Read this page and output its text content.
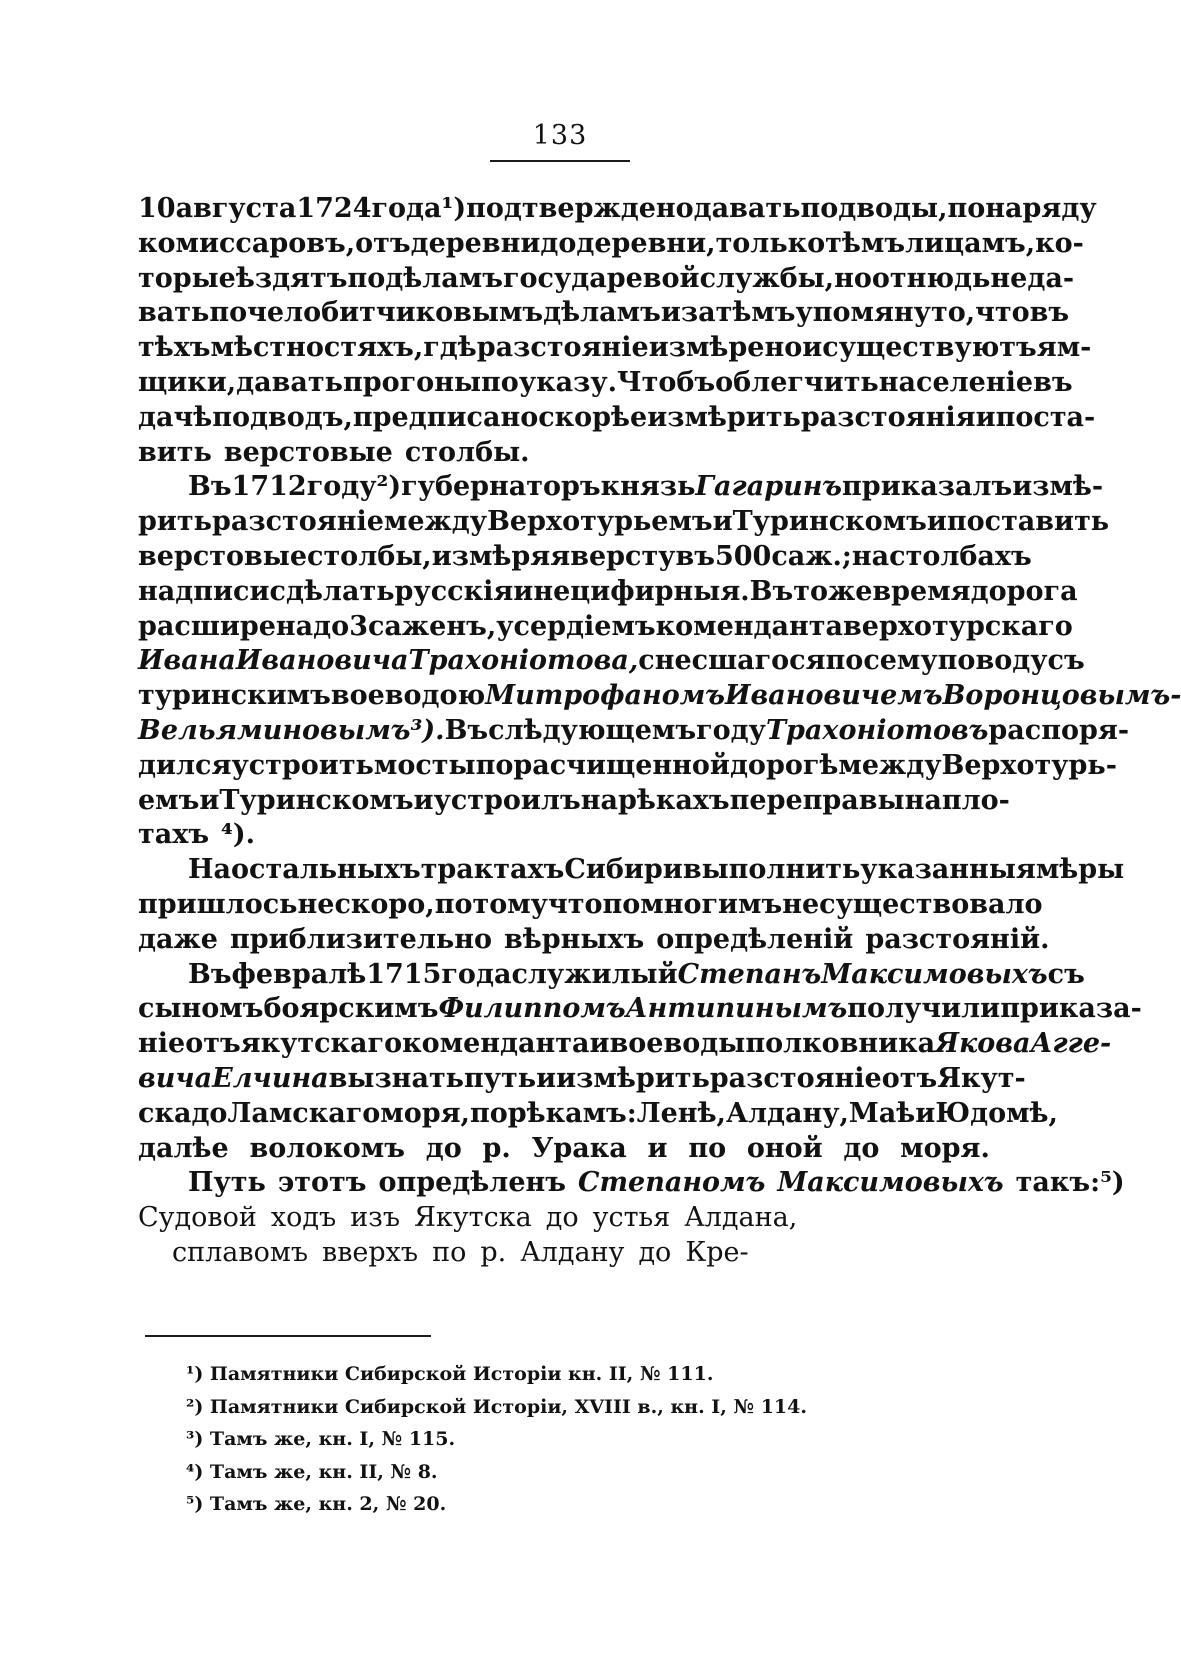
133
10 августа 1724 года¹) подтверждено давать подводы, по наряду
комиссаровъ, отъ деревни до деревни, только тѣмъ лицамъ, ко-
торые ѣздятъ по дѣламъ государевой службы, но отнюдь не да-
вать по челобитчиковымъ дѣламъ и затѣмъ упомянуто, что въ
тѣхъ мѣстностяхъ, гдѣ разстояніе измѣрено и существуютъ ям-
щики, давать прогоны по указу. Чтобъ облегчить населеніе въ
дачѣ подводъ, предписано скорѣе измѣрить разстоянія и поста-
вить верстовые столбы.
Въ 1712 году²) губернаторъ князь Гагаринъ приказалъ измѣ-
рить разстояніе между Верхотурьемъ и Туринскомъ и поставить
верстовые столбы, измѣряя версту въ 500 саж.; на столбахъ
надписи сдѣлать русскія и не цифирныя. Въ тоже время дорога
расширена до 3 саженъ, усердіемъ коменданта верхотурскаго
Ивана Ивановича Трахоніотова, снесшагося по сему поводу съ
туринскимъ воеводою Митрофаномъ Ивановичемъ Воронцовымъ-
Вельяминовымъ³). Въ слѣдующемъ году Трахоніотовъ распоря-
дился устроить мосты по расчищенной дорогѣ между Верхотурь-
емъ и Туринскомъ и устроилъ на рѣкахъ переправы на пло-
тахъ ⁴).
На остальныхъ трактахъ Сибири выполнить указанныя мѣры
пришлось не скоро, потому что по многимъ не существовало
даже приблизительно вѣрныхъ опредѣленій разстояній.
Въ февралѣ 1715 года служилый Степанъ Максимовыхъ съ
сыномъ боярскимъ Филиппомъ Антипинымъ получили приказа-
ніе отъ якутскаго коменданта и воеводы полковника Якова Агге-
вича Елчина вызнать путь и измѣрить разстояніе отъ Якут-
ска до Ламскаго моря, по рѣкамъ: Ленѣ, Алдану, Маѣ и Юдомѣ,
далѣе волокомъ до р. Урака и по оной до моря.
Путь этотъ опредѣленъ Степаномъ Максимовыхъ такъ:⁵)
Судовой ходъ изъ Якутска до устья Алдана,
сплавомъ вверхъ по р. Алдану до Кре-
¹) Памятники Сибирской Исторіи кн. II, № 111.
²) Памятники Сибирской Исторіи, XVIII в., кн. I, № 114.
³) Тамъ же, кн. I, № 115.
⁴) Тамъ же, кн. II, № 8.
⁵) Тамъ же, кн. 2, № 20.
